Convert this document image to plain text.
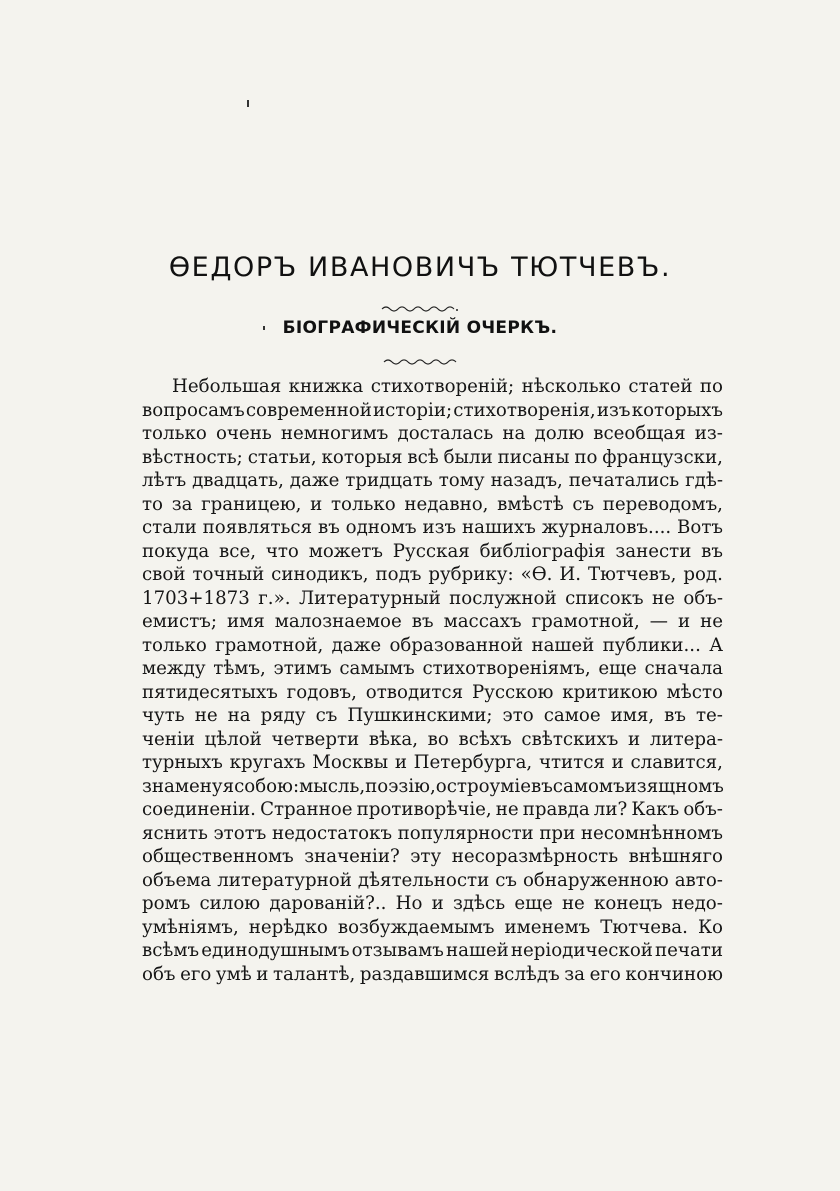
ѲЕДОРЪ ИВАНОВИЧЪ ТЮТЧЕВЪ.
БІОГРАФИЧЕСКІЙ ОЧЕРКЪ.
Небольшая книжка стихотвореній; нѣсколько статей по
вопросамъ современной исторіи; стихотворенія, изъ которыхъ
только очень немногимъ досталась на долю всеобщая из-
вѣстность; статьи, которыя всѣ были писаны по французски,
лѣтъ двадцать, даже тридцать тому назадъ, печатались гдѣ-
то за границею, и только недавно, вмѣстѣ съ переводомъ,
стали появляться въ одномъ изъ нашихъ журналовъ.... Вотъ
покуда все, что можетъ Русская библіографія занести въ
свой точный синодикъ, подъ рубрику: «Ѳ. И. Тютчевъ, род.
1703+1873 г.». Литературный послужной списокъ не объ-
емистъ; имя малознаемое въ массахъ грамотной, — и не
только грамотной, даже образованной нашей публики... А
между тѣмъ, этимъ самымъ стихотвореніямъ, еще сначала
пятидесятыхъ годовъ, отводится Русскою критикою мѣсто
чуть не на ряду съ Пушкинскими; это самое имя, въ те-
ченіи цѣлой четверти вѣка, во всѣхъ свѣтскихъ и литера-
турныхъ кругахъ Москвы и Петербурга, чтится и славится,
знаменуя собою: мысль, поэзію, остроуміе въ самомъ изящномъ
соединеніи. Странное противорѣчіе, не правда ли? Какъ объ-
яснить этотъ недостатокъ популярности при несомнѣнномъ
общественномъ значеніи? эту несоразмѣрность внѣшняго
объема литературной дѣятельности съ обнаруженною авто-
ромъ силою дарованій?.. Но и здѣсь еще не конецъ недо-
умѣніямъ, нерѣдко возбуждаемымъ именемъ Тютчева. Ко
всѣмъ единодушнымъ отзывамъ нашей неріодической печати
объ его умѣ и талантѣ, раздавшимся вслѣдъ за его кончиною
